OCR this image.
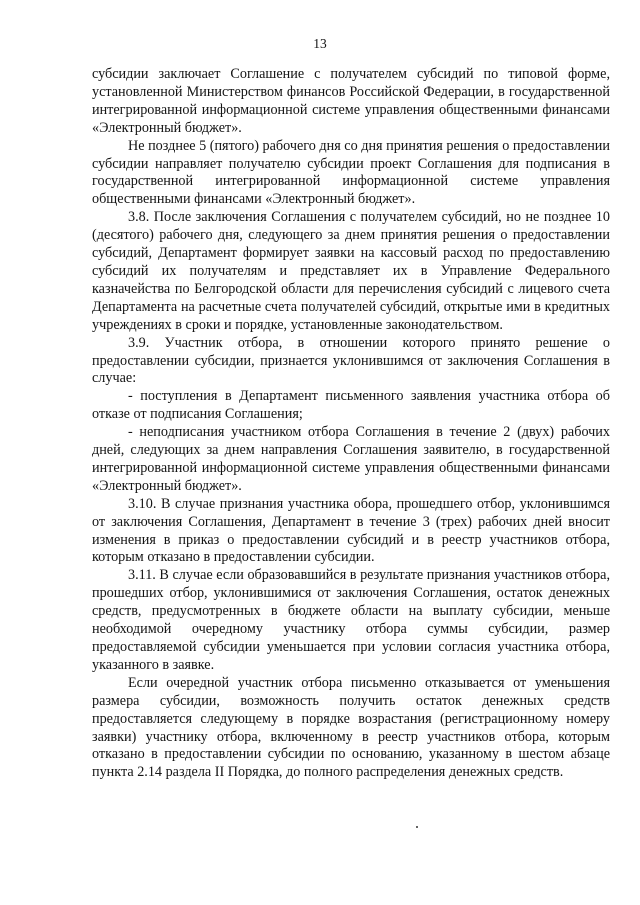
13

субсидии заключает Соглашение с получателем субсидий по типовой форме, установленной Министерством финансов Российской Федерации, в государственной интегрированной информационной системе управления общественными финансами «Электронный бюджет».

Не позднее 5 (пятого) рабочего дня со дня принятия решения о предоставлении субсидии направляет получателю субсидии проект Соглашения для подписания в государственной интегрированной информационной системе управления общественными финансами «Электронный бюджет».

3.8. После заключения Соглашения с получателем субсидий, но не позднее 10 (десятого) рабочего дня, следующего за днем принятия решения о предоставлении субсидий, Департамент формирует заявки на кассовый расход по предоставлению субсидий их получателям и представляет их в Управление Федерального казначейства по Белгородской области для перечисления субсидий с лицевого счета Департамента на расчетные счета получателей субсидий, открытые ими в кредитных учреждениях в сроки и порядке, установленные законодательством.

3.9. Участник отбора, в отношении которого принято решение о предоставлении субсидии, признается уклонившимся от заключения Соглашения в случае:

- поступления в Департамент письменного заявления участника отбора об отказе от подписания Соглашения;

- неподписания участником отбора Соглашения в течение 2 (двух) рабочих дней, следующих за днем направления Соглашения заявителю, в государственной интегрированной информационной системе управления общественными финансами «Электронный бюджет».

3.10. В случае признания участника обора, прошедшего отбор, уклонившимся от заключения Соглашения, Департамент в течение 3 (трех) рабочих дней вносит изменения в приказ о предоставлении субсидий и в реестр участников отбора, которым отказано в предоставлении субсидии.

3.11. В случае если образовавшийся в результате признания участников отбора, прошедших отбор, уклонившимися от заключения Соглашения, остаток денежных средств, предусмотренных в бюджете области на выплату субсидии, меньше необходимой очередному участнику отбора суммы субсидии, размер предоставляемой субсидии уменьшается при условии согласия участника отбора, указанного в заявке.

Если очередной участник отбора письменно отказывается от уменьшения размера субсидии, возможность получить остаток денежных средств предоставляется следующему в порядке возрастания (регистрационному номеру заявки) участнику отбора, включенному в реестр участников отбора, которым отказано в предоставлении субсидии по основанию, указанному в шестом абзаце пункта 2.14 раздела II Порядка, до полного распределения денежных средств.
